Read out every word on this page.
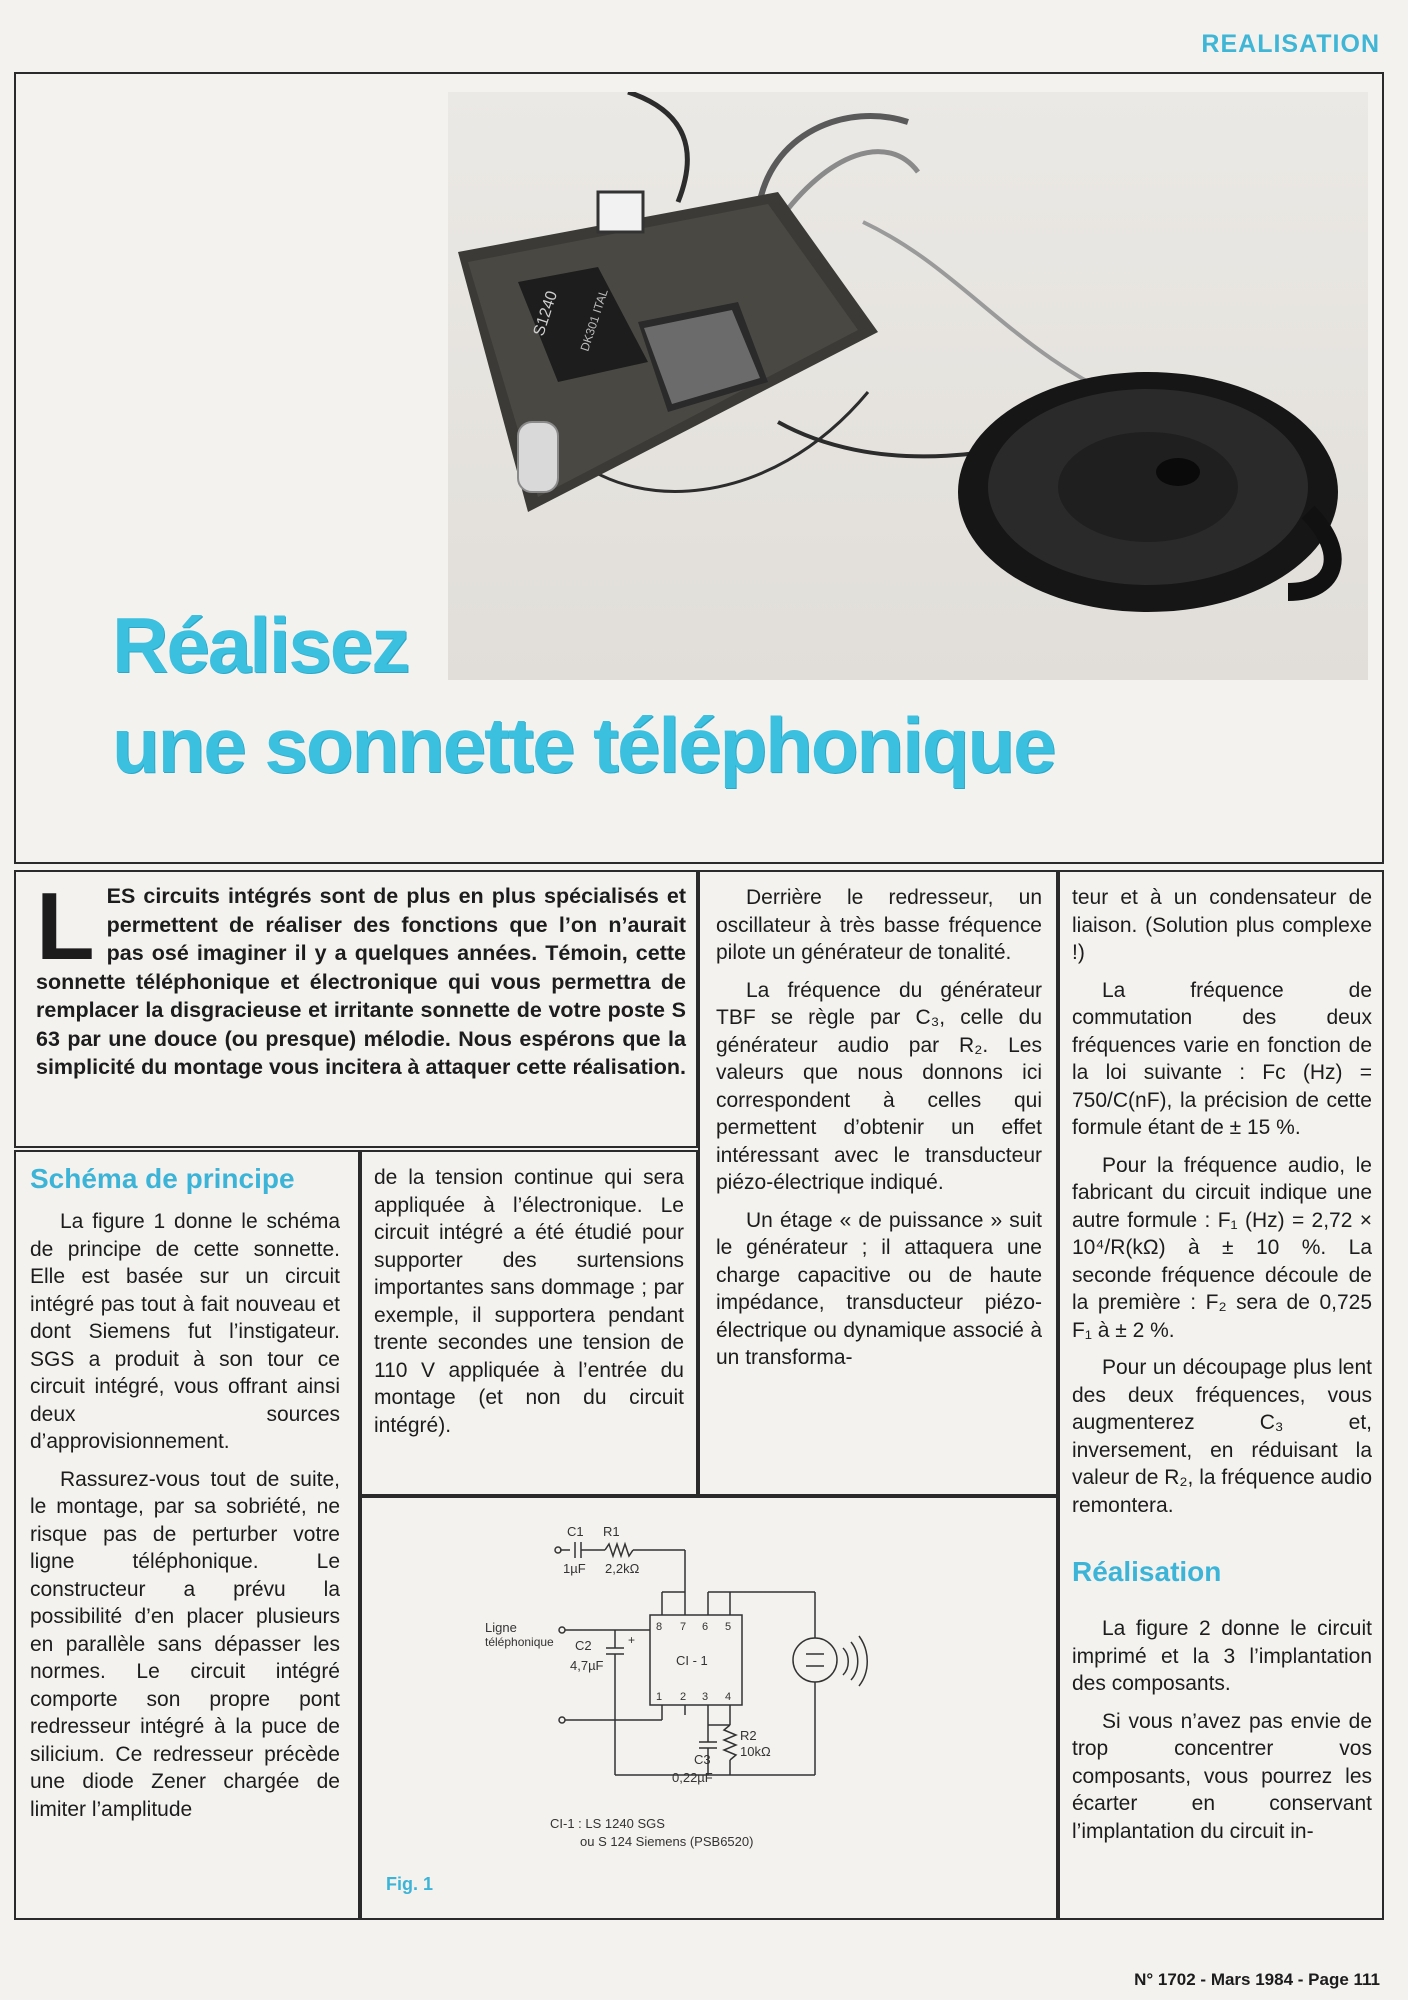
REALISATION
S1240 DK301 ITAL
Réalisez
une sonnette téléphonique
LES circuits intégrés sont de plus en plus spécialisés et permettent de réaliser des fonctions que l’on n’aurait pas osé imaginer il y a quelques années. Témoin, cette sonnette téléphonique et électronique qui vous permettra de remplacer la disgracieuse et irritante sonnette de votre poste S 63 par une douce (ou presque) mélodie. Nous espérons que la simplicité du montage vous incitera à attaquer cette réalisation.
Schéma de principe

La figure 1 donne le schéma de principe de cette sonnette. Elle est basée sur un circuit intégré pas tout à fait nouveau et dont Siemens fut l’instigateur. SGS a produit à son tour ce circuit intégré, vous offrant ainsi deux sources d’approvisionnement.

Rassurez-vous tout de suite, le montage, par sa sobriété, ne risque pas de perturber votre ligne téléphonique. Le constructeur a prévu la possibilité d’en placer plusieurs en parallèle sans dépasser les normes. Le circuit intégré comporte son propre pont redresseur intégré à la puce de silicium. Ce redresseur précède une diode Zener chargée de limiter l’amplitude

de la tension continue qui sera appliquée à l’électronique. Le circuit intégré a été étudié pour supporter des surtensions importantes sans dommage ; par exemple, il supportera pendant trente secondes une tension de 110 V appliquée à l’entrée du montage (et non du circuit intégré).

Fig. 1
C1 R1
1µF 2,2kΩ
Ligne
téléphonique C2
4,7µF
+
8 7 6 5
CI - 1
1 2 3 4
C3
0,22µF
R2
10kΩ
CI-1 : LS 1240 SGS
ou S 124 Siemens (PSB6520)

Derrière le redresseur, un oscillateur à très basse fréquence pilote un générateur de tonalité.

La fréquence du générateur TBF se règle par C₃, celle du générateur audio par R₂. Les valeurs que nous donnons ici correspondent à celles qui permettent d’obtenir un effet intéressant avec le transducteur piézo-électrique indiqué.

Un étage « de puissance » suit le générateur ; il attaquera une charge capacitive ou de haute impédance, transducteur piézo-électrique ou dynamique associé à un transforma-

teur et à un condensateur de liaison. (Solution plus complexe !)

La fréquence de commutation des deux fréquences varie en fonction de la loi suivante : Fc (Hz) = 750/C(nF), la précision de cette formule étant de ± 15 %.

Pour la fréquence audio, le fabricant du circuit indique une autre formule : F₁ (Hz) = 2,72 × 10⁴/R(kΩ) à ± 10 %. La seconde fréquence découle de la première : F₂ sera de 0,725 F₁ à ± 2 %.

Pour un découpage plus lent des deux fréquences, vous augmenterez C₃ et, inversement, en réduisant la valeur de R₂, la fréquence audio remontera.

Réalisation

La figure 2 donne le circuit imprimé et la 3 l’implantation des composants.

Si vous n’avez pas envie de trop concentrer vos composants, vous pourrez les écarter en conservant l’implantation du circuit in-

N° 1702 - Mars 1984 - Page 111
